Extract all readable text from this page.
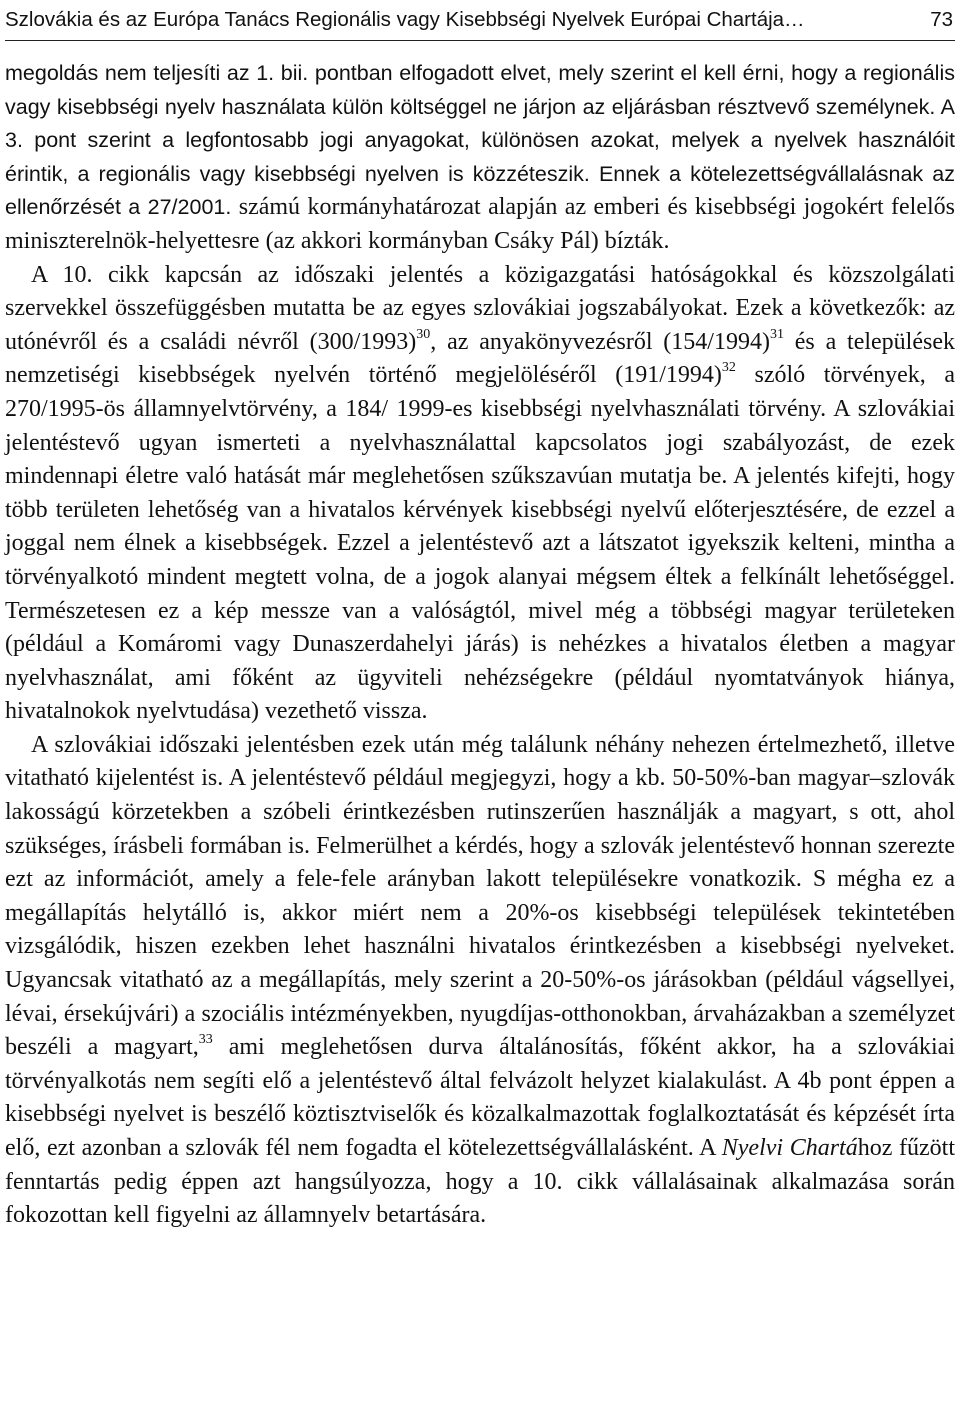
Szlovákia és az Európa Tanács Regionális vagy Kisebbségi Nyelvek Európai Chartája…	73

megoldás nem teljesíti az 1. bii. pontban elfogadott elvet, mely szerint el kell érni, hogy a regionális vagy kisebbségi nyelv használata külön költséggel ne járjon az eljárásban résztvevő személynek. A 3. pont szerint a legfontosabb jogi anyagokat, különösen azokat, melyek a nyelvek használóit érintik, a regionális vagy kisebbségi nyelven is közzéteszik. Ennek a kötelezettségvállalásnak az ellenőrzését a 27/2001. számú kormányhatározat alapján az emberi és kisebbségi jogokért felelős miniszterelnök-helyettesre (az akkori kormányban Csáky Pál) bízták.

A 10. cikk kapcsán az időszaki jelentés a közigazgatási hatóságokkal és közszolgálati szervekkel összefüggésben mutatta be az egyes szlovákiai jogszabályokat. Ezek a következők: az utónévről és a családi névről $(300/1993)^{30}$, az anyakönyvezésről $(154/1994)^{31}$ és a települések nemzetiségi kisebbségek nyelvén történő megjelöléséről $(191/1994)^{32}$ szóló törvények, a 270/1995-ös államnyelvtörvény, a 184/ 1999-es kisebbségi nyelvhasználati törvény. A szlovákiai jelentéstevő ugyan ismerteti a nyelvhasználattal kapcsolatos jogi szabályozást, de ezek mindennapi életre való hatását már meglehetősen szűkszavúan mutatja be. A jelentés kifejti, hogy több területen lehetőség van a hivatalos kérvények kisebbségi nyelvű előterjesztésére, de ezzel a joggal nem élnek a kisebbségek. Ezzel a jelentéstevő azt a látszatot igyekszik kelteni, mintha a törvényalkotó mindent megtett volna, de a jogok alanyai mégsem éltek a felkínált lehetőséggel. Természetesen ez a kép messze van a valóságtól, mivel még a többségi magyar területeken (például a Komáromi vagy Dunaszerdahelyi járás) is nehézkes a hivatalos életben a magyar nyelvhasználat, ami főként az ügyviteli nehézségekre (például nyomtatványok hiánya, hivatalnokok nyelvtudása) vezethető vissza.

A szlovákiai időszaki jelentésben ezek után még találunk néhány nehezen értelmezhető, illetve vitatható kijelentést is. A jelentéstevő például megjegyzi, hogy a kb. 50-50%-ban magyar–szlovák lakosságú körzetekben a szóbeli érintkezésben rutinszerűen használják a magyart, s ott, ahol szükséges, írásbeli formában is. Felmerülhet a kérdés, hogy a szlovák jelentéstevő honnan szerezte ezt az információt, amely a fele-fele arányban lakott településekre vonatkozik. S mégha ez a megállapítás helytálló is, akkor miért nem a 20%-os kisebbségi települések tekintetében vizsgálódik, hiszen ezekben lehet használni hivatalos érintkezésben a kisebbségi nyelveket. Ugyancsak vitatható az a megállapítás, mely szerint a 20-50%-os járásokban (például vágsellyei, lévai, érsekújvári) a szociális intézményekben, nyugdíjas-otthonokban, árvaházakban a személyzet beszéli a magyart,$^{33}$ ami meglehetősen durva általánosítás, főként akkor, ha a szlovákiai törvényalkotás nem segíti elő a jelentéstevő által felvázolt helyzet kialakulást. A 4b pont éppen a kisebbségi nyelvet is beszélő köztisztviselők és közalkalmazottak foglalkoztatását és képzését írta elő, ezt azonban a szlovák fél nem fogadta el kötelezettségvállalásként. A Nyelvi Chartához fűzött fenntartás pedig éppen azt hangsúlyozza, hogy a 10. cikk vállalásainak alkalmazása során fokozottan kell figyelni az államnyelv betartására.
